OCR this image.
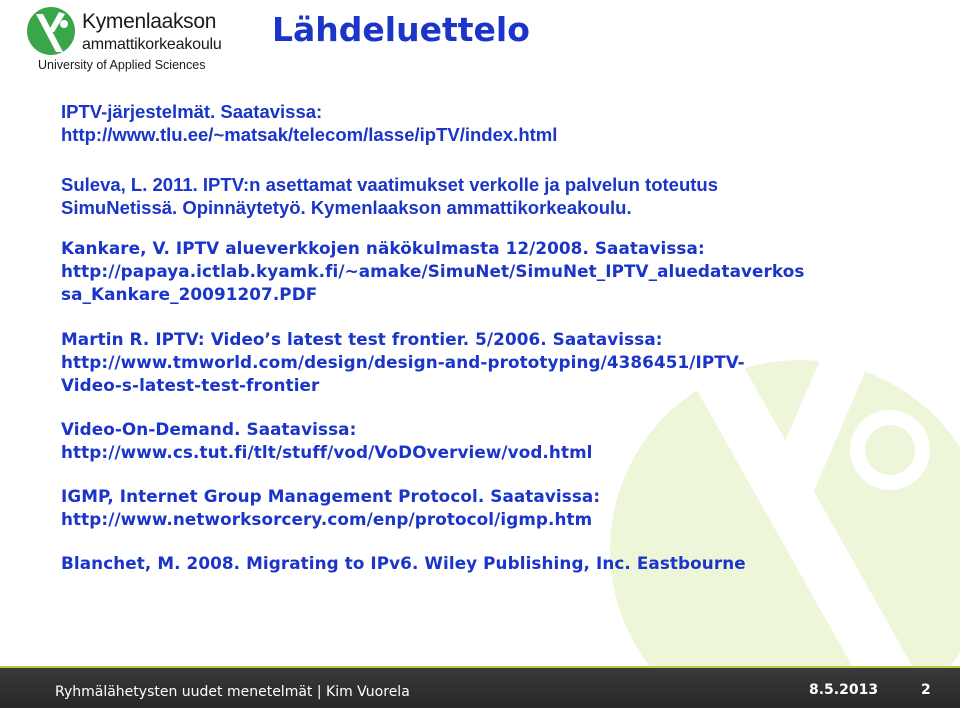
Kymenlaakson
ammattikorkeakoulu
University of Applied Sciences
Lähdeluettelo
IPTV-järjestelmät. Saatavissa:
http://www.tlu.ee/~matsak/telecom/lasse/ipTV/index.html
Suleva, L. 2011. IPTV:n asettamat vaatimukset verkolle ja palvelun toteutus
SimuNetissä. Opinnäytetyö. Kymenlaakson ammattikorkeakoulu.
Kankare, V. IPTV alueverkkojen näkökulmasta 12/2008. Saatavissa:
http://papaya.ictlab.kyamk.fi/~amake/SimuNet/SimuNet_IPTV_aluedataverkos
sa_Kankare_20091207.PDF
Martin R. IPTV: Video’s latest test frontier. 5/2006. Saatavissa:
http://www.tmworld.com/design/design-and-prototyping/4386451/IPTV-
Video-s-latest-test-frontier
Video-On-Demand. Saatavissa:
http://www.cs.tut.fi/tlt/stuff/vod/VoDOverview/vod.html
IGMP, Internet Group Management Protocol. Saatavissa:
http://www.networksorcery.com/enp/protocol/igmp.htm
Blanchet, M. 2008. Migrating to IPv6. Wiley Publishing, Inc. Eastbourne
Ryhmälähetysten uudet menetelmät | Kim Vuorela	8.5.2013	2
